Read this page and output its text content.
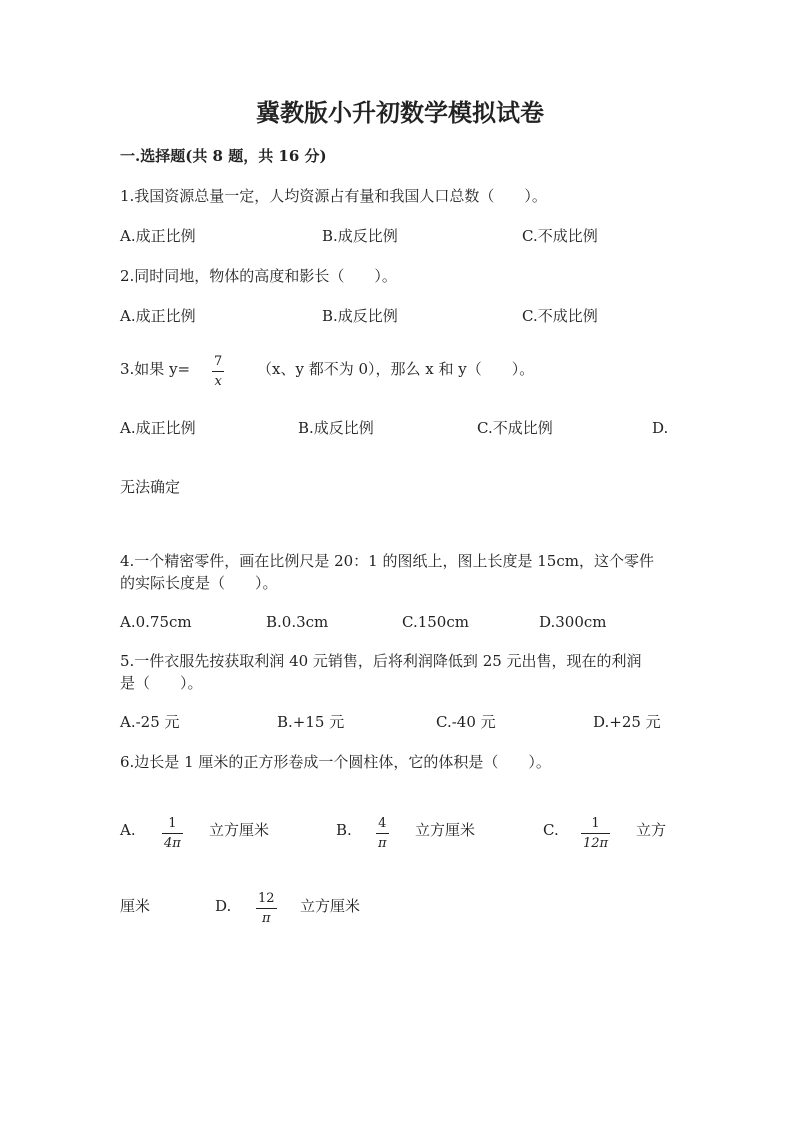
冀教版小升初数学模拟试卷
一.选择题(共 8 题，共 16 分)
1.我国资源总量一定，人均资源占有量和我国人口总数（　　）。
A.成正比例	B.成反比例	C.不成比例
2.同时同地，物体的高度和影长（　　）。
A.成正比例	B.成反比例	C.不成比例
3.如果 y= 7
x
（x、y 都不为 0），那么 x 和 y（　　）。
A.成正比例	B.成反比例	C.不成比例	D.
无法确定
4.一个精密零件，画在比例尺是 20：1 的图纸上，图上长度是 15cm，这个零件
的实际长度是（　　）。
A.0.75cm	B.0.3cm	C.150cm	D.300cm
5.一件衣服先按获取利润 40 元销售，后将利润降低到 25 元出售，现在的利润
是（　　）。
A.-25 元	B.+15 元	C.-40 元	D.+25 元
6.边长是 1 厘米的正方形卷成一个圆柱体，它的体积是（　　）。
A.	1
4π
立方厘米	B. 4
π
立方厘米	C.	1
12π
立方
厘米	D. 12
π
立方厘米
